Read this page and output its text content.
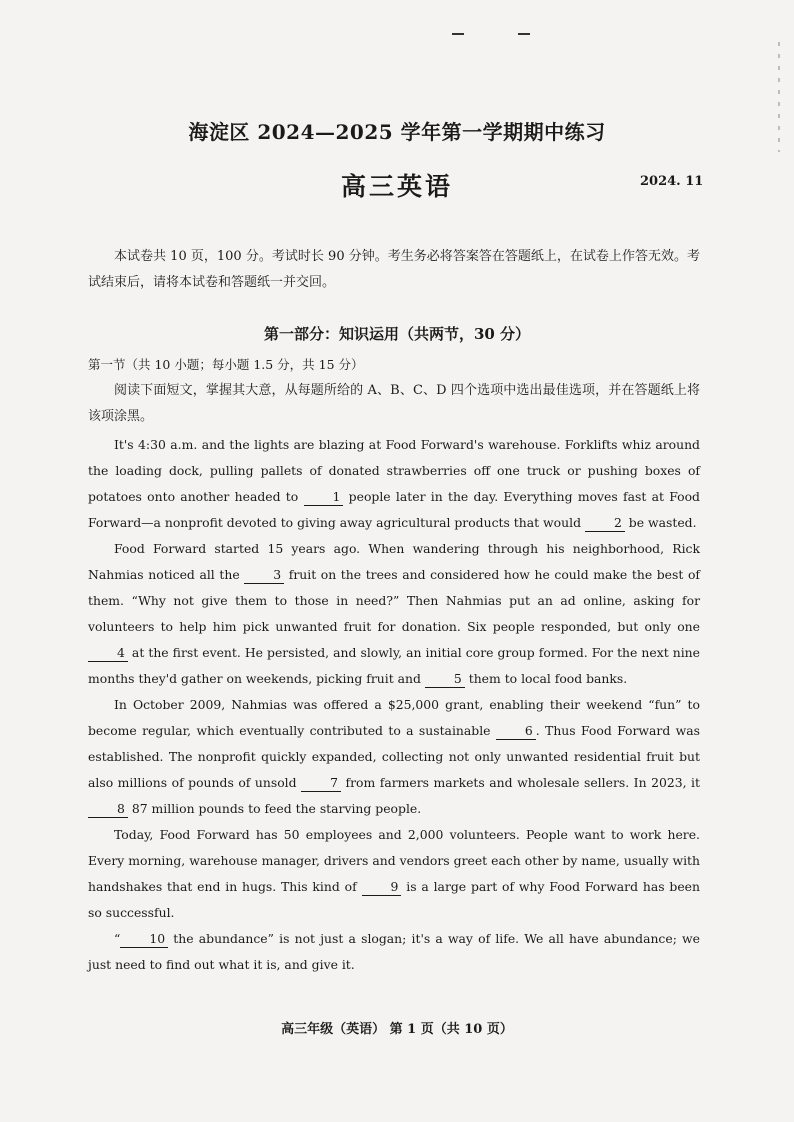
海淀区 2024—2025 学年第一学期期中练习
高三英语	2024. 11
本试卷共 10 页，100 分。考试时长 90 分钟。考生务必将答案答在答题纸上，在试卷上作答无效。考试结束后，请将本试卷和答题纸一并交回。
第一部分：知识运用（共两节，30 分）
第一节（共 10 小题；每小题 1.5 分，共 15 分）
阅读下面短文，掌握其大意，从每题所给的 A、B、C、D 四个选项中选出最佳选项，并在答题纸上将该项涂黑。

It's 4:30 a.m. and the lights are blazing at Food Forward's warehouse. Forklifts whiz around the loading dock, pulling pallets of donated strawberries off one truck or pushing boxes of potatoes onto another headed to 1 people later in the day. Everything moves fast at Food Forward—a nonprofit devoted to giving away agricultural products that would 2 be wasted.

Food Forward started 15 years ago. When wandering through his neighborhood, Rick Nahmias noticed all the 3 fruit on the trees and considered how he could make the best of them. “Why not give them to those in need?” Then Nahmias put an ad online, asking for volunteers to help him pick unwanted fruit for donation. Six people responded, but only one 4 at the first event. He persisted, and slowly, an initial core group formed. For the next nine months they'd gather on weekends, picking fruit and 5 them to local food banks.

In October 2009, Nahmias was offered a $25,000 grant, enabling their weekend “fun” to become regular, which eventually contributed to a sustainable 6 . Thus Food Forward was established. The nonprofit quickly expanded, collecting not only unwanted residential fruit but also millions of pounds of unsold 7 from farmers markets and wholesale sellers. In 2023, it 8 87 million pounds to feed the starving people.

Today, Food Forward has 50 employees and 2,000 volunteers. People want to work here. Every morning, warehouse manager, drivers and vendors greet each other by name, usually with handshakes that end in hugs. This kind of 9 is a large part of why Food Forward has been so successful.

“ 10 the abundance” is not just a slogan; it's a way of life. We all have abundance; we just need to find out what it is, and give it.

高三年级（英语） 第 1 页（共 10 页）
